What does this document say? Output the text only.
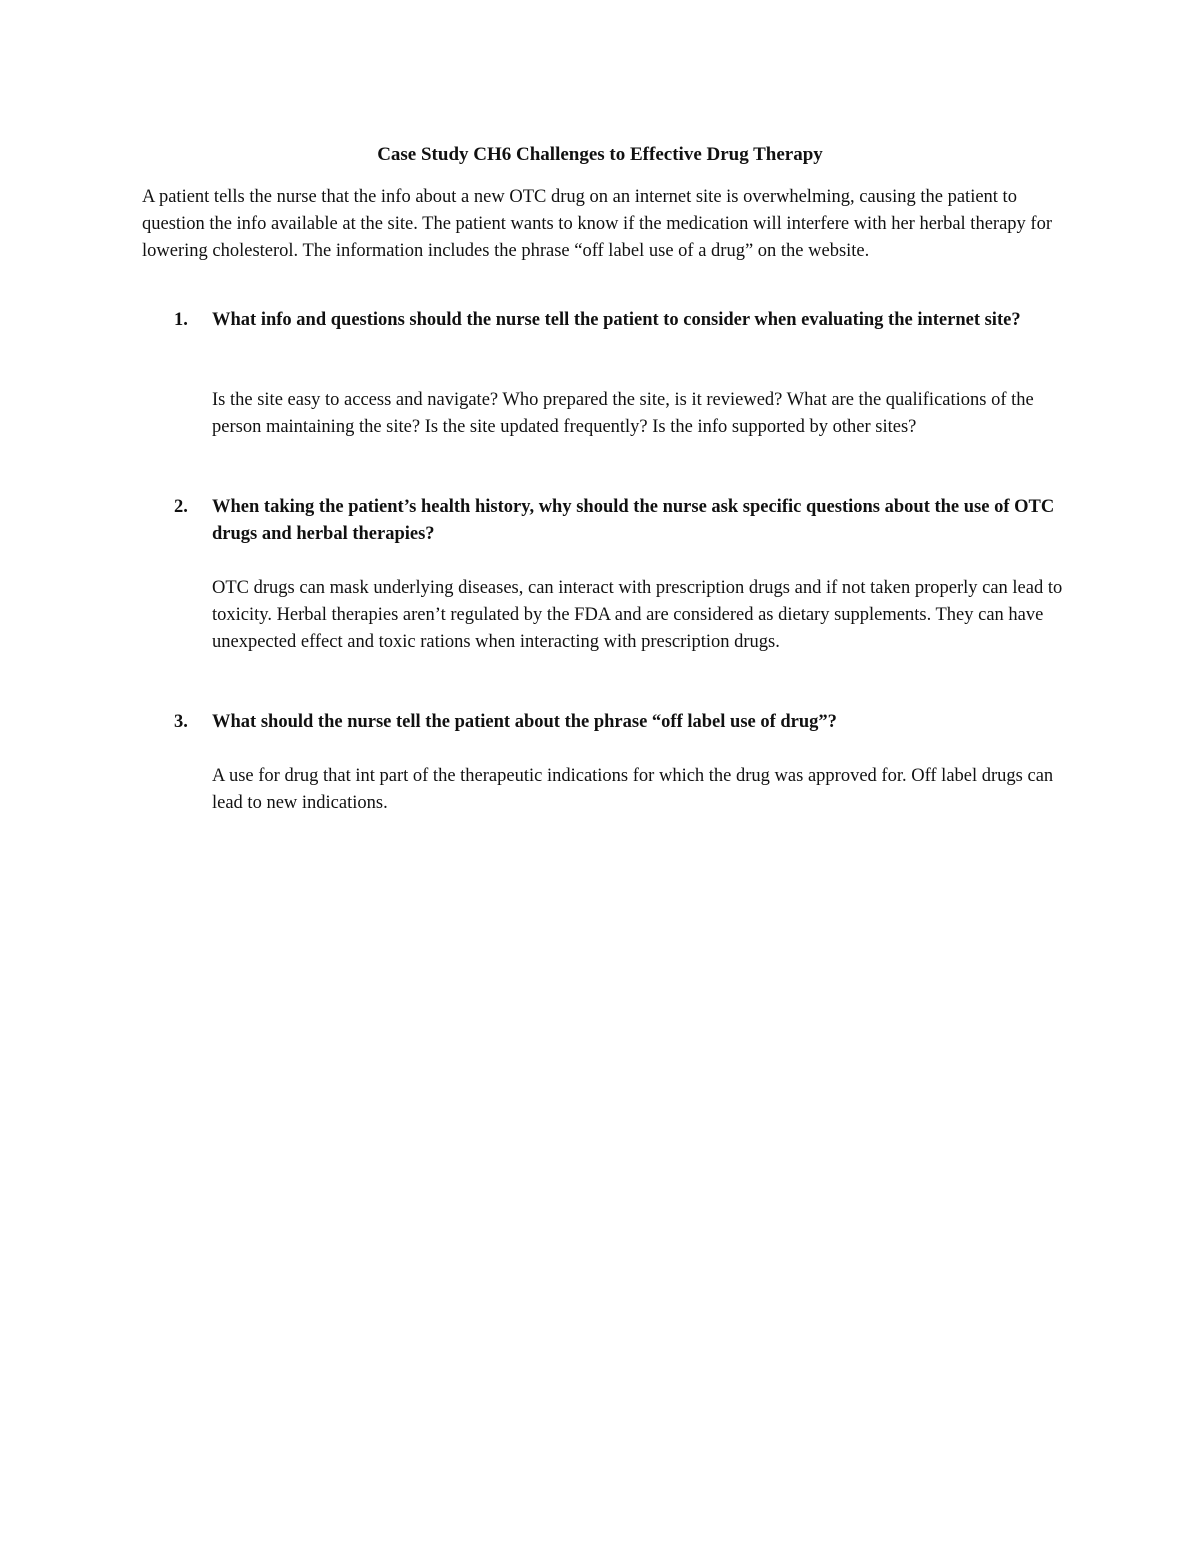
Case Study CH6 Challenges to Effective Drug Therapy

A patient tells the nurse that the info about a new OTC drug on an internet site is overwhelming, causing the patient to question the info available at the site. The patient wants to know if the medication will interfere with her herbal therapy for lowering cholesterol. The information includes the phrase “off label use of a drug” on the website.

1.	What info and questions should the nurse tell the patient to consider when evaluating the internet site?

Is the site easy to access and navigate? Who prepared the site, is it reviewed? What are the qualifications of the person maintaining the site? Is the site updated frequently? Is the info supported by other sites?

2.	When taking the patient’s health history, why should the nurse ask specific questions about the use of OTC drugs and herbal therapies?

OTC drugs can mask underlying diseases, can interact with prescription drugs and if not taken properly can lead to toxicity. Herbal therapies aren’t regulated by the FDA and are considered as dietary supplements. They can have unexpected effect and toxic rations when interacting with prescription drugs.

3.	What should the nurse tell the patient about the phrase “off label use of drug”?

A use for drug that int part of the therapeutic indications for which the drug was approved for. Off label drugs can lead to new indications.
